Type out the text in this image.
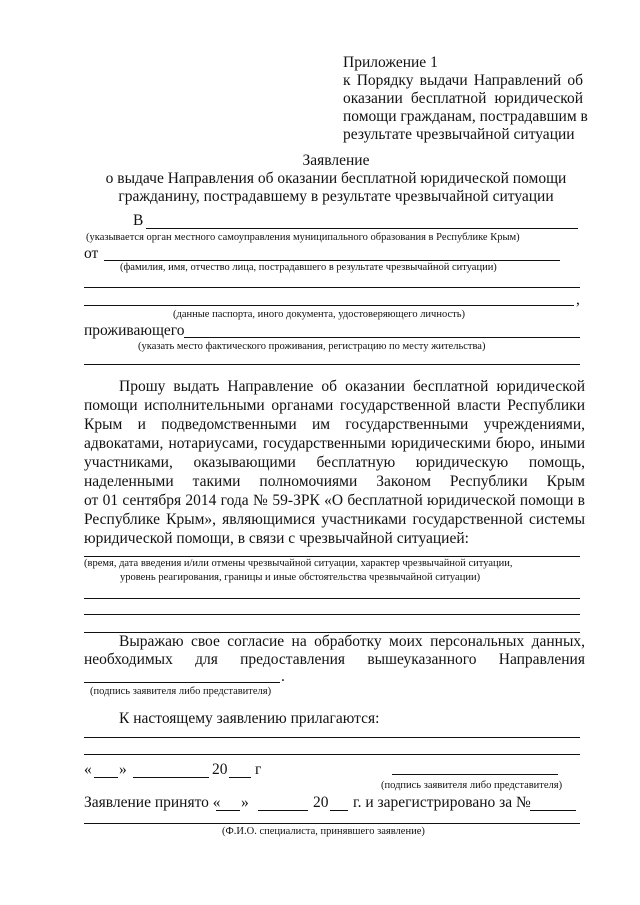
Приложение 1
к Порядку выдачи Направлений об
оказании бесплатной юридической
помощи гражданам, пострадавшим в
результате чрезвычайной ситуации
Заявление
о выдаче Направления об оказании бесплатной юридической помощи
гражданину, пострадавшему в результате чрезвычайной ситуации
В
(указывается орган местного самоуправления муниципального образования в Республике Крым)
от
(фамилия, имя, отчество лица, пострадавшего в результате чрезвычайной ситуации)
,
(данные паспорта, иного документа, удостоверяющего личность)
проживающего
(указать место фактического проживания, регистрацию по месту жительства)
Прошу выдать Направление об оказании бесплатной юридической
помощи исполнительными органами государственной власти Республики
Крым и подведомственными им государственными учреждениями,
адвокатами, нотариусами, государственными юридическими бюро, иными
участниками, оказывающими бесплатную юридическую помощь,
наделенными такими полномочиями Законом Республики Крым
от 01 сентября 2014 года № 59-ЗРК «О бесплатной юридической помощи в
Республике Крым», являющимися участниками государственной системы
юридической помощи, в связи с чрезвычайной ситуацией:
(время, дата введения и/или отмены чрезвычайной ситуации, характер чрезвычайной ситуации,
уровень реагирования, границы и иные обстоятельства чрезвычайной ситуации)
Выражаю свое согласие на обработку моих персональных данных,
необходимых для предоставления вышеуказанного Направления
.
(подпись заявителя либо представителя)
К настоящему заявлению прилагаются:
« »	20 г
(подпись заявителя либо представителя)
Заявление принято « »	20 г. и зарегистрировано за №
(Ф.И.О. специалиста, принявшего заявление)
